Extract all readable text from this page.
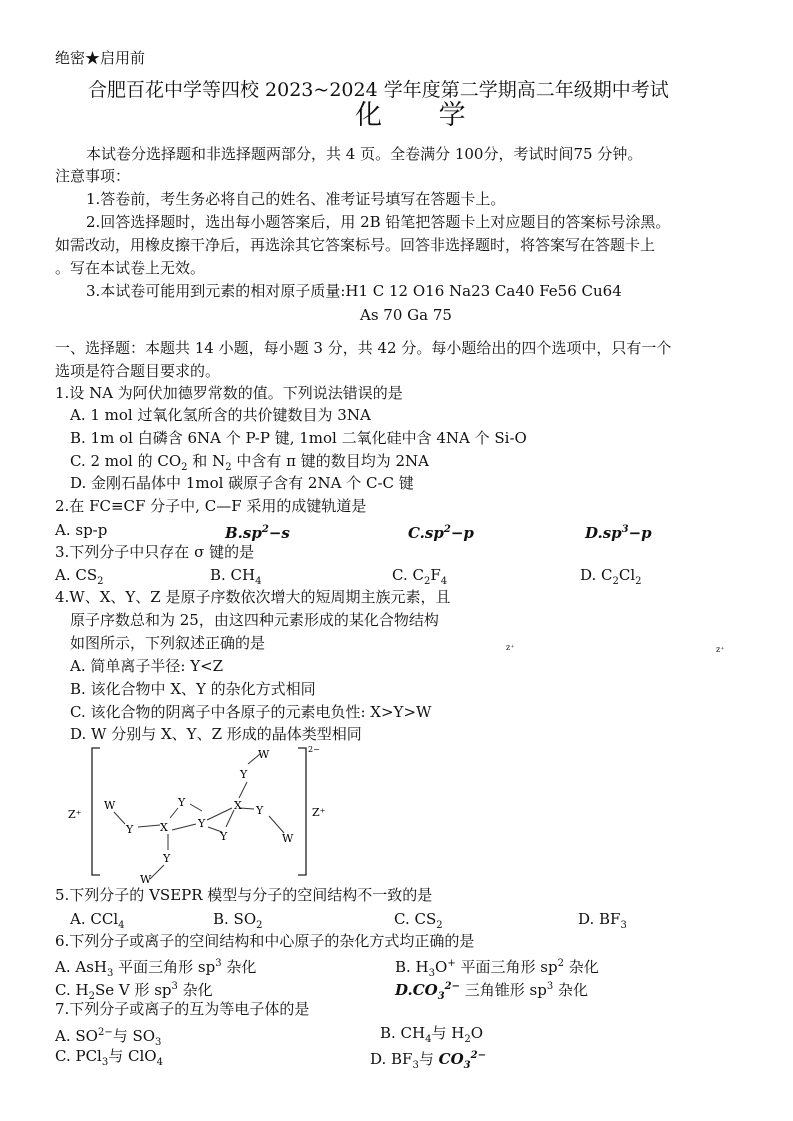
绝密★启用前
合肥百花中学等四校 2023~2024 学年度第二学期高二年级期中考试
化 学
本试卷分选择题和非选择题两部分，共 4 页。全卷满分 100分，考试时间75 分钟。
注意事项：
1.答卷前，考生务必将自己的姓名、准考证号填写在答题卡上。
2.回答选择题时，选出每小题答案后，用 2B 铅笔把答题卡上对应题目的答案标号涂黑。
如需改动，用橡皮擦干净后，再选涂其它答案标号。回答非选择题时，将答案写在答题卡上
。写在本试卷上无效。
3.本试卷可能用到元素的相对原子质量:H1 C 12 O16 Na23 Ca40 Fe56 Cu64
As 70 Ga 75
一、选择题：本题共 14 小题，每小题 3 分，共 42 分。每小题给出的四个选项中，只有一个
选项是符合题目要求的。
1.设 NA 为阿伏加德罗常数的值。下列说法错误的是
A. 1 mol 过氧化氢所含的共价键数目为 3NA
B. 1m ol 白磷含 6NA 个 P-P 键, 1mol 二氧化硅中含 4NA 个 Si-O
C. 2 mol 的 $CO_2$ 和 $N_2$ 中含有 π 键的数目均为 2NA
D. 金刚石晶体中 1mol 碳原子含有 2NA 个 C-C 键
2.在 FC≡CF 分子中, C—F 采用的成键轨道是
A. sp-p	$B.sp^2-s$	$C.sp^2-p$	$D.sp^3-p$
3.下列分子中只存在 σ 键的是
A. $CS_2$	B. $CH_4$	C. $C_2F_4$	D. $C_2Cl_2$
4.W、X、Y、Z 是原子序数依次增大的短周期主族元素，且
原子序数总和为 25，由这四种元素形成的某化合物结构
如图所示，下列叙述正确的是	z⁺	z⁺
A. 简单离子半径: Y<Z
B. 该化合物中 X、Y 的杂化方式相同
C. 该化合物的阴离子中各原子的元素电负性: X>Y>W
D. W 分别与 X、Y、Z 形成的晶体类型相同
2−
Z⁺	Z⁺
W
Y X
Y
Y
Y
W
Y
X
Y
W
Y
W
5.下列分子的 VSEPR 模型与分子的空间结构不一致的是
A. CCl$_4$	B. $SO_2$	C. $CS_2$	D. $BF_3$
6.下列分子或离子的空间结构和中心原子的杂化方式均正确的是
A. AsH$_3$ 平面三角形 $sp^3$ 杂化	B. $H_3O^+$ 平面三角形 $sp^2$ 杂化
C. $H_2Se$ V 形 $sp^3$ 杂化	$D.CO_3^{2-}$ 三角锥形 $sp^3$ 杂化
7.下列分子或离子的互为等电子体的是
A. $SO^{2-}$与 $SO_3$
B. $CH_4$与 $H_2O$
C. PCl$_3$与 ClO$_4$	D. $BF_3$与 $CO_3^{2-}$
